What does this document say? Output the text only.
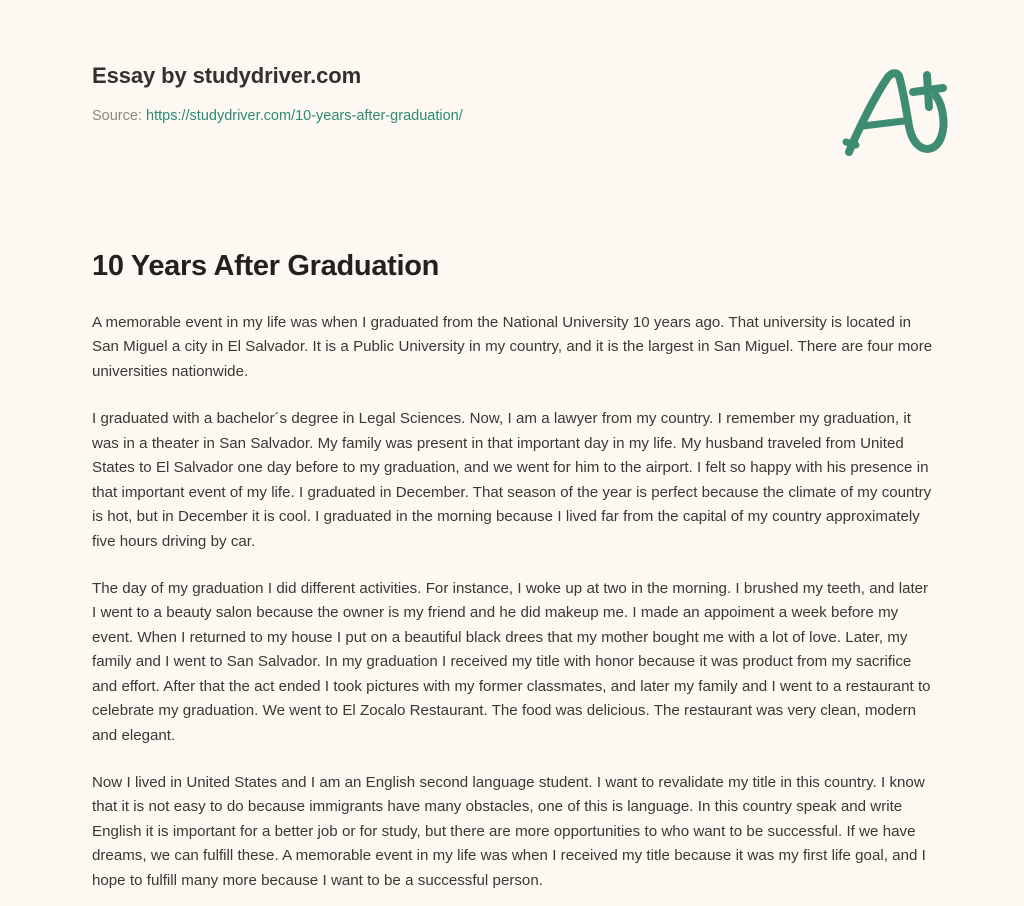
Essay by studydriver.com
Source: https://studydriver.com/10-years-after-graduation/
10 Years After Graduation

A memorable event in my life was when I graduated from the National University 10 years ago. That university is located in San Miguel a city in El Salvador. It is a Public University in my country, and it is the largest in San Miguel. There are four more universities nationwide.

I graduated with a bachelor´s degree in Legal Sciences. Now, I am a lawyer from my country. I remember my graduation, it was in a theater in San Salvador. My family was present in that important day in my life. My husband traveled from United States to El Salvador one day before to my graduation, and we went for him to the airport. I felt so happy with his presence in that important event of my life. I graduated in December. That season of the year is perfect because the climate of my country is hot, but in December it is cool. I graduated in the morning because I lived far from the capital of my country approximately five hours driving by car.

The day of my graduation I did different activities. For instance, I woke up at two in the morning. I brushed my teeth, and later I went to a beauty salon because the owner is my friend and he did makeup me. I made an appoiment a week before my event. When I returned to my house I put on a beautiful black drees that my mother bought me with a lot of love. Later, my family and I went to San Salvador. In my graduation I received my title with honor because it was product from my sacrifice and effort. After that the act ended I took pictures with my former classmates, and later my family and I went to a restaurant to celebrate my graduation. We went to El Zocalo Restaurant. The food was delicious. The restaurant was very clean, modern and elegant.

Now I lived in United States and I am an English second language student. I want to revalidate my title in this country. I know that it is not easy to do because immigrants have many obstacles, one of this is language. In this country speak and write English it is important for a better job or for study, but there are more opportunities to who want to be successful. If we have dreams, we can fulfill these. A memorable event in my life was when I received my title because it was my first life goal, and I hope to fulfill many more because I want to be a successful person.
